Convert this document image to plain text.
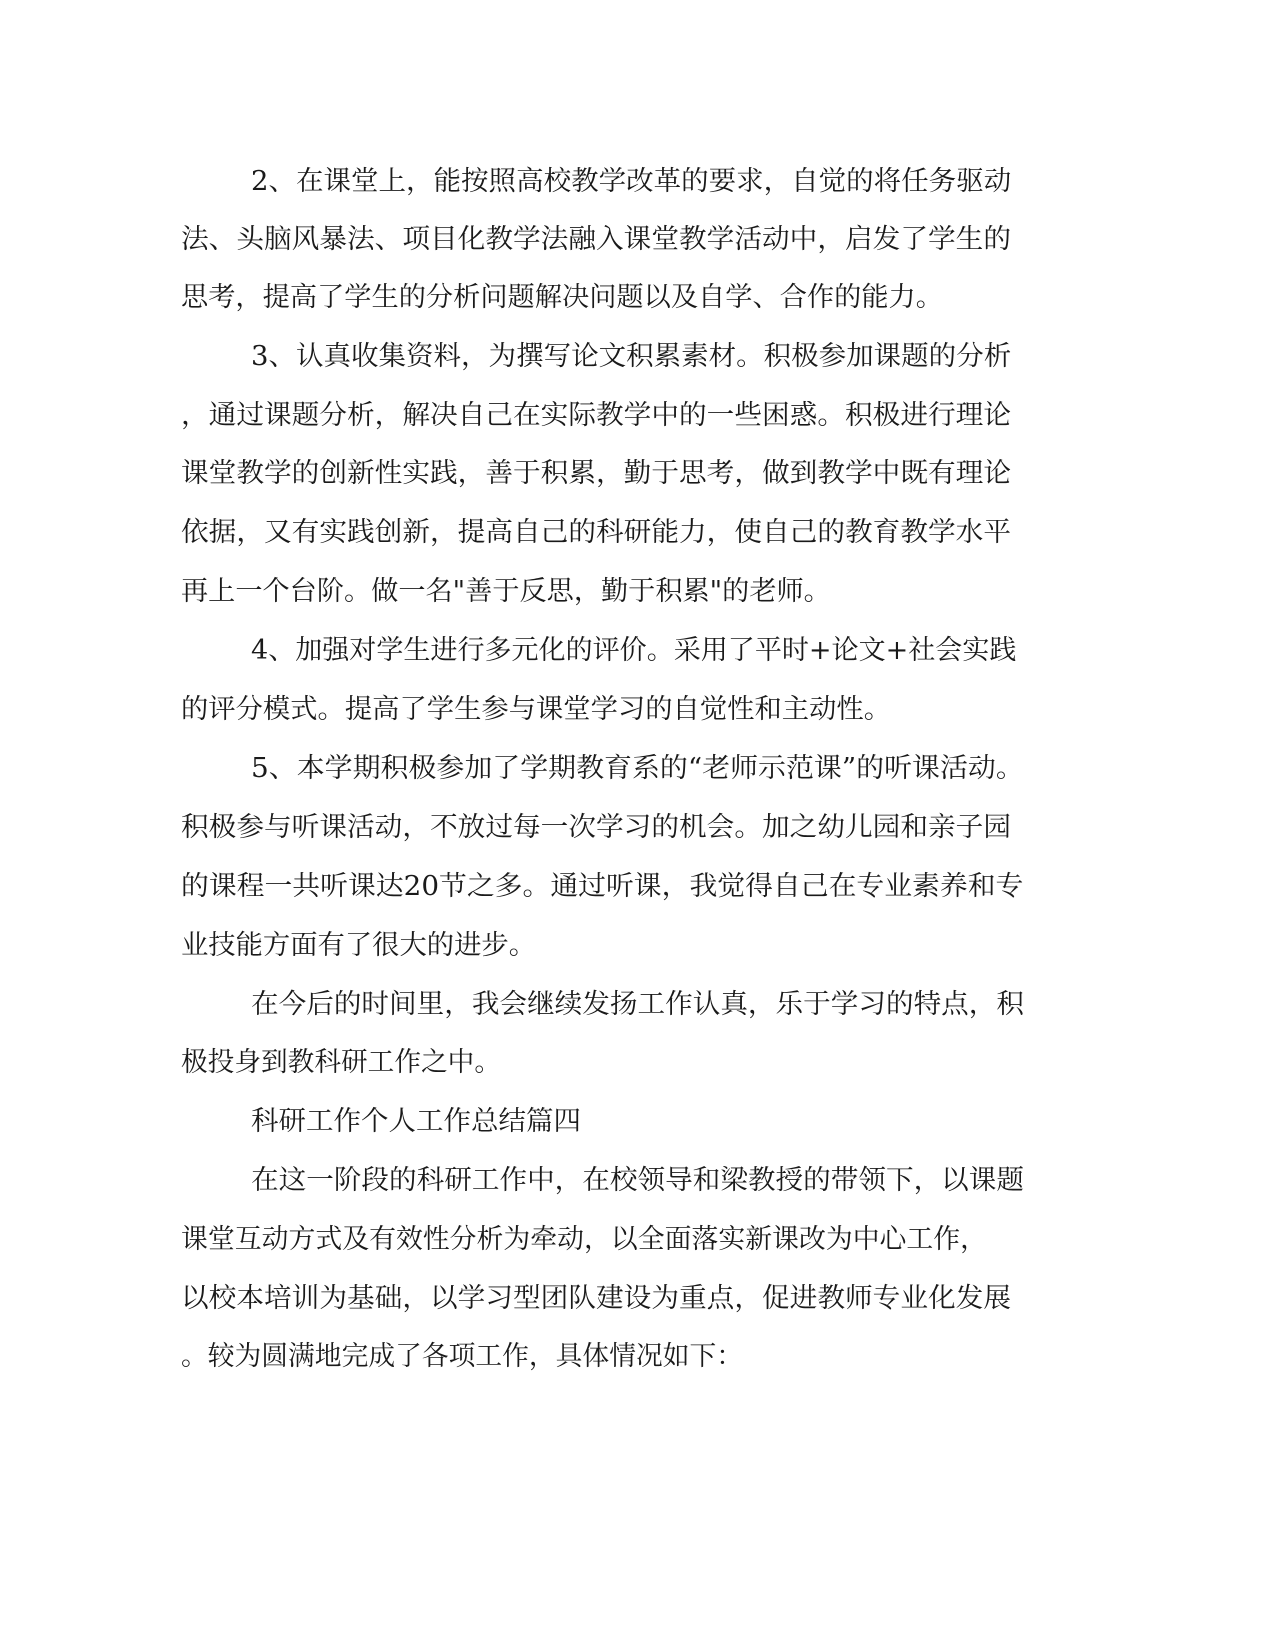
2、在课堂上，能按照高校教学改革的要求，自觉的将任务驱动

法、头脑风暴法、项目化教学法融入课堂教学活动中，启发了学生的

思考，提高了学生的分析问题解决问题以及自学、合作的能力。

3、认真收集资料，为撰写论文积累素材。积极参加课题的分析

，通过课题分析，解决自己在实际教学中的一些困惑。积极进行理论

课堂教学的创新性实践，善于积累，勤于思考，做到教学中既有理论

依据，又有实践创新，提高自己的科研能力，使自己的教育教学水平

再上一个台阶。做一名"善于反思，勤于积累"的老师。

4、加强对学生进行多元化的评价。采用了平时+论文+社会实践

的评分模式。提高了学生参与课堂学习的自觉性和主动性。

5、本学期积极参加了学期教育系的“老师示范课”的听课活动。

积极参与听课活动，不放过每一次学习的机会。加之幼儿园和亲子园

的课程一共听课达20节之多。通过听课，我觉得自己在专业素养和专

业技能方面有了很大的进步。

在今后的时间里，我会继续发扬工作认真，乐于学习的特点，积

极投身到教科研工作之中。

科研工作个人工作总结篇四

在这一阶段的科研工作中，在校领导和梁教授的带领下，以课题

课堂互动方式及有效性分析为牵动，以全面落实新课改为中心工作，

以校本培训为基础，以学习型团队建设为重点，促进教师专业化发展

。较为圆满地完成了各项工作，具体情况如下：
